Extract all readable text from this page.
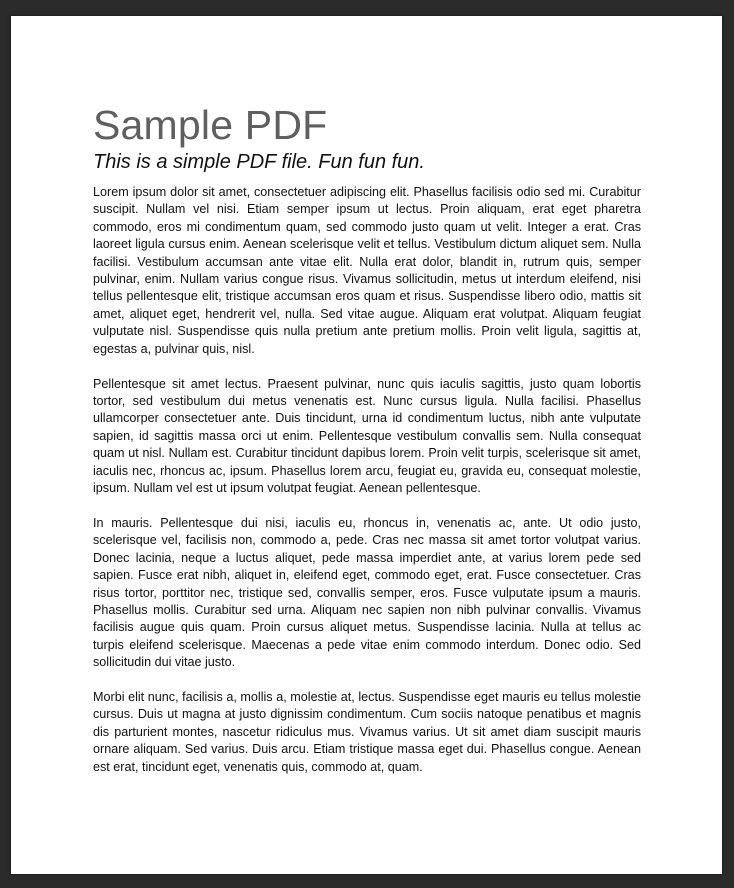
Sample PDF
This is a simple PDF file. Fun fun fun.

Lorem ipsum dolor sit amet, consectetuer adipiscing elit. Phasellus facilisis odio sed mi. Curabitur suscipit. Nullam vel nisi. Etiam semper ipsum ut lectus. Proin aliquam, erat eget pharetra commodo, eros mi condimentum quam, sed commodo justo quam ut velit. Integer a erat. Cras laoreet ligula cursus enim. Aenean scelerisque velit et tellus. Vestibulum dictum aliquet sem. Nulla facilisi. Vestibulum accumsan ante vitae elit. Nulla erat dolor, blandit in, rutrum quis, semper pulvinar, enim. Nullam varius congue risus. Vivamus sollicitudin, metus ut interdum eleifend, nisi tellus pellentesque elit, tristique accumsan eros quam et risus. Suspendisse libero odio, mattis sit amet, aliquet eget, hendrerit vel, nulla. Sed vitae augue. Aliquam erat volutpat. Aliquam feugiat vulputate nisl. Suspendisse quis nulla pretium ante pretium mollis. Proin velit ligula, sagittis at, egestas a, pulvinar quis, nisl.

Pellentesque sit amet lectus. Praesent pulvinar, nunc quis iaculis sagittis, justo quam lobortis tortor, sed vestibulum dui metus venenatis est. Nunc cursus ligula. Nulla facilisi. Phasellus ullamcorper consectetuer ante. Duis tincidunt, urna id condimentum luctus, nibh ante vulputate sapien, id sagittis massa orci ut enim. Pellentesque vestibulum convallis sem. Nulla consequat quam ut nisl. Nullam est. Curabitur tincidunt dapibus lorem. Proin velit turpis, scelerisque sit amet, iaculis nec, rhoncus ac, ipsum. Phasellus lorem arcu, feugiat eu, gravida eu, consequat molestie, ipsum. Nullam vel est ut ipsum volutpat feugiat. Aenean pellentesque.

In mauris. Pellentesque dui nisi, iaculis eu, rhoncus in, venenatis ac, ante. Ut odio justo, scelerisque vel, facilisis non, commodo a, pede. Cras nec massa sit amet tortor volutpat varius. Donec lacinia, neque a luctus aliquet, pede massa imperdiet ante, at varius lorem pede sed sapien. Fusce erat nibh, aliquet in, eleifend eget, commodo eget, erat. Fusce consectetuer. Cras risus tortor, porttitor nec, tristique sed, convallis semper, eros. Fusce vulputate ipsum a mauris. Phasellus mollis. Curabitur sed urna. Aliquam nec sapien non nibh pulvinar convallis. Vivamus facilisis augue quis quam. Proin cursus aliquet metus. Suspendisse lacinia. Nulla at tellus ac turpis eleifend scelerisque. Maecenas a pede vitae enim commodo interdum. Donec odio. Sed sollicitudin dui vitae justo.

Morbi elit nunc, facilisis a, mollis a, molestie at, lectus. Suspendisse eget mauris eu tellus molestie cursus. Duis ut magna at justo dignissim condimentum. Cum sociis natoque penatibus et magnis dis parturient montes, nascetur ridiculus mus. Vivamus varius. Ut sit amet diam suscipit mauris ornare aliquam. Sed varius. Duis arcu. Etiam tristique massa eget dui. Phasellus congue. Aenean est erat, tincidunt eget, venenatis quis, commodo at, quam.
